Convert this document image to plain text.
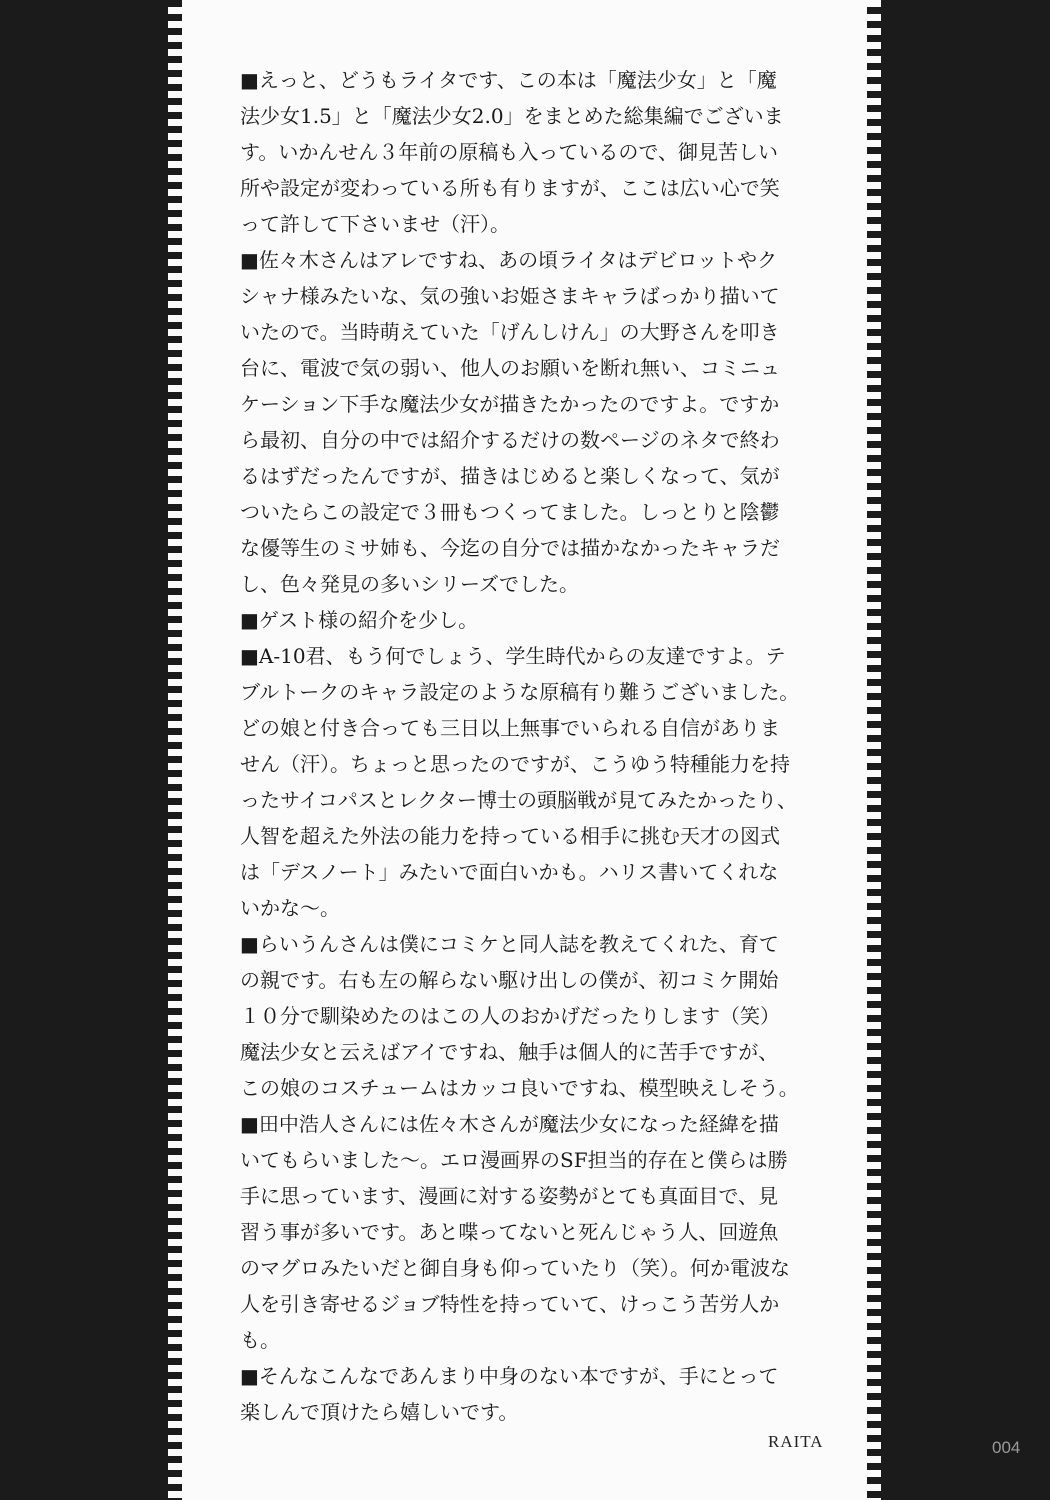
■えっと、どうもライタです、この本は「魔法少女」と「魔
法少女1.5」と「魔法少女2.0」をまとめた総集編でございま
す。いかんせん３年前の原稿も入っているので、御見苦しい
所や設定が変わっている所も有りますが、ここは広い心で笑
って許して下さいませ（汗）。
■佐々木さんはアレですね、あの頃ライタはデビロットやク
シャナ様みたいな、気の強いお姫さまキャラばっかり描いて
いたので。当時萌えていた「げんしけん」の大野さんを叩き
台に、電波で気の弱い、他人のお願いを断れ無い、コミニュ
ケーション下手な魔法少女が描きたかったのですよ。ですか
ら最初、自分の中では紹介するだけの数ページのネタで終わ
るはずだったんですが、描きはじめると楽しくなって、気が
ついたらこの設定で３冊もつくってました。しっとりと陰鬱
な優等生のミサ姉も、今迄の自分では描かなかったキャラだ
し、色々発見の多いシリーズでした。
■ゲスト様の紹介を少し。
■A-10君、もう何でしょう、学生時代からの友達ですよ。テ
ブルトークのキャラ設定のような原稿有り難うございました。
どの娘と付き合っても三日以上無事でいられる自信がありま
せん（汗）。ちょっと思ったのですが、こうゆう特種能力を持
ったサイコパスとレクター博士の頭脳戦が見てみたかったり、
人智を超えた外法の能力を持っている相手に挑む天才の図式
は「デスノート」みたいで面白いかも。ハリス書いてくれな
いかな～。
■らいうんさんは僕にコミケと同人誌を教えてくれた、育て
の親です。右も左の解らない駆け出しの僕が、初コミケ開始
１０分で馴染めたのはこの人のおかげだったりします（笑）
魔法少女と云えばアイですね、触手は個人的に苦手ですが、
この娘のコスチュームはカッコ良いですね、模型映えしそう。
■田中浩人さんには佐々木さんが魔法少女になった経緯を描
いてもらいました～。エロ漫画界のSF担当的存在と僕らは勝
手に思っています、漫画に対する姿勢がとても真面目で、見
習う事が多いです。あと喋ってないと死んじゃう人、回遊魚
のマグロみたいだと御自身も仰っていたり（笑）。何か電波な
人を引き寄せるジョブ特性を持っていて、けっこう苦労人か
も。
■そんなこんなであんまり中身のない本ですが、手にとって
楽しんで頂けたら嬉しいです。
RAITA	004
